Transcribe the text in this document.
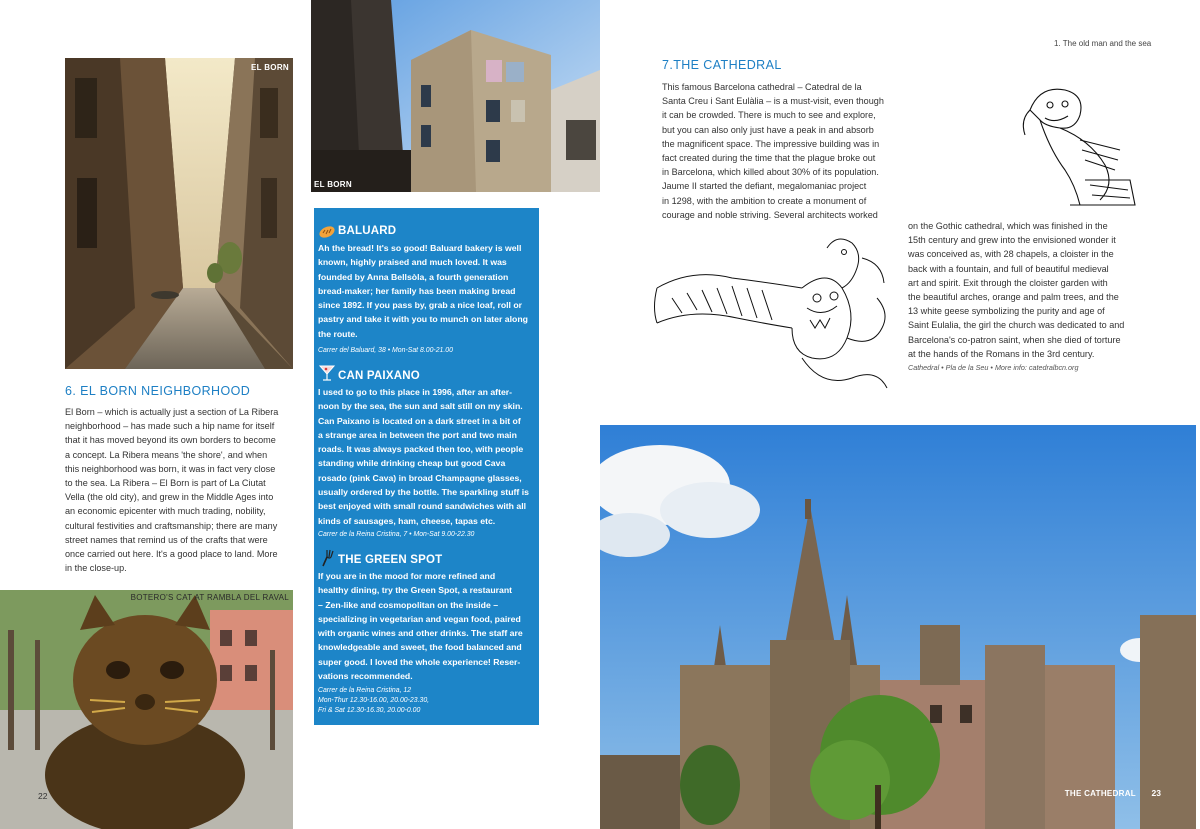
1. The old man and the sea
EL BORN
EL BORN
6. EL BORN NEIGHBORHOOD
El Born – which is actually just a section of La Ribera
neighborhood – has made such a hip name for itself
that it has moved beyond its own borders to become
a concept. La Ribera means 'the shore', and when
this neighborhood was born, it was in fact very close
to the sea. La Ribera – El Born is part of La Ciutat
Vella (the old city), and grew in the Middle Ages into
an economic epicenter with much trading, nobility,
cultural festivities and craftsmanship; there are many
street names that remind us of the crafts that were
once carried out here. It's a good place to land. More
in the close-up.
BOTERO'S CAT AT RAMBLA DEL RAVAL
22
BALUARD
Ah the bread! It's so good! Baluard bakery is well
known, highly praised and much loved. It was
founded by Anna Bellsòla, a fourth generation
bread-maker; her family has been making bread
since 1892. If you pass by, grab a nice loaf, roll or
pastry and take it with you to munch on later along
the route.
Carrer del Baluard, 38 • Mon-Sat 8.00-21.00
CAN PAIXANO
I used to go to this place in 1996, after an after-
noon by the sea, the sun and salt still on my skin.
Can Paixano is located on a dark street in a bit of
a strange area in between the port and two main
roads. It was always packed then too, with people
standing while drinking cheap but good Cava
rosado (pink Cava) in broad Champagne glasses,
usually ordered by the bottle. The sparkling stuff is
best enjoyed with small round sandwiches with all
kinds of sausages, ham, cheese, tapas etc.
Carrer de la Reina Cristina, 7 • Mon-Sat 9.00-22.30
THE GREEN SPOT
If you are in the mood for more refined and
healthy dining, try the Green Spot, a restaurant
– Zen-like and cosmopolitan on the inside –
specializing in vegetarian and vegan food, paired
with organic wines and other drinks. The staff are
knowledgeable and sweet, the food balanced and
super good. I loved the whole experience! Reser-
vations recommended.
Carrer de la Reina Cristina, 12
Mon-Thur 12.30-16.00, 20.00-23.30,
Fri & Sat 12.30-16.30, 20.00-0.00
7.THE CATHEDRAL
This famous Barcelona cathedral – Catedral de la
Santa Creu i Sant Eulàlia – is a must-visit, even though
it can be crowded. There is much to see and explore,
but you can also only just have a peak in and absorb
the magnificent space. The impressive building was in
fact created during the time that the plague broke out
in Barcelona, which killed about 30% of its population.
Jaume II started the defiant, megalomaniac project
in 1298, with the ambition to create a monument of
courage and noble striving. Several architects worked
on the Gothic cathedral, which was finished in the
15th century and grew into the envisioned wonder it
was conceived as, with 28 chapels, a cloister in the
back with a fountain, and full of beautiful medieval
art and spirit. Exit through the cloister garden with
the beautiful arches, orange and palm trees, and the
13 white geese symbolizing the purity and age of
Saint Eulalia, the girl the church was dedicated to and
Barcelona's co-patron saint, when she died of torture
at the hands of the Romans in the 3rd century.
Cathedral • Pla de la Seu • More info: catedralbcn.org
THE CATHEDRAL 23
